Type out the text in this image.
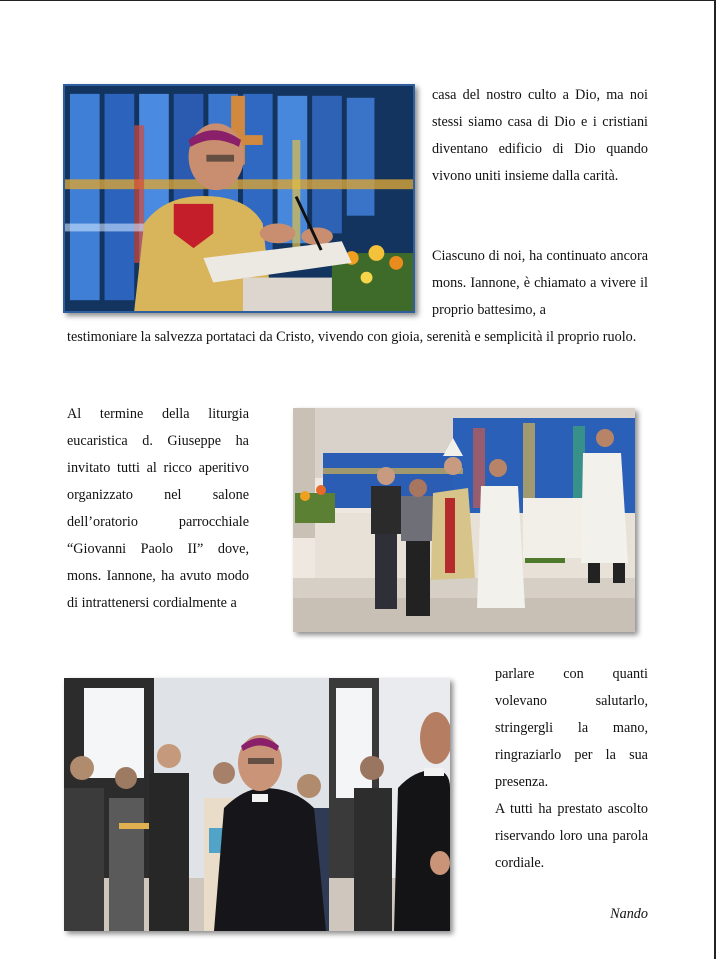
casa del nostro culto a Dio, ma noi stessi siamo casa di Dio e i cristiani diventano edificio di Dio quando vivono uniti insieme dalla carità.

Ciascuno di noi, ha continuato ancora mons. Iannone, è chiamato a vivere il proprio battesimo, a

testimoniare la salvezza portataci da Cristo, vivendo con gioia, serenità e semplicità il proprio ruolo.

Al termine della liturgia eucaristica d. Giuseppe ha invitato tutti al ricco aperitivo organizzato nel salone dell’oratorio parrocchiale “Giovanni Paolo II” dove, mons. Iannone, ha avuto modo di intrattenersi cordialmente a

parlare con quanti volevano salutarlo, stringergli la mano, ringraziarlo per la sua presenza.

A tutti ha prestato ascolto riservando loro una parola cordiale.

Nando
